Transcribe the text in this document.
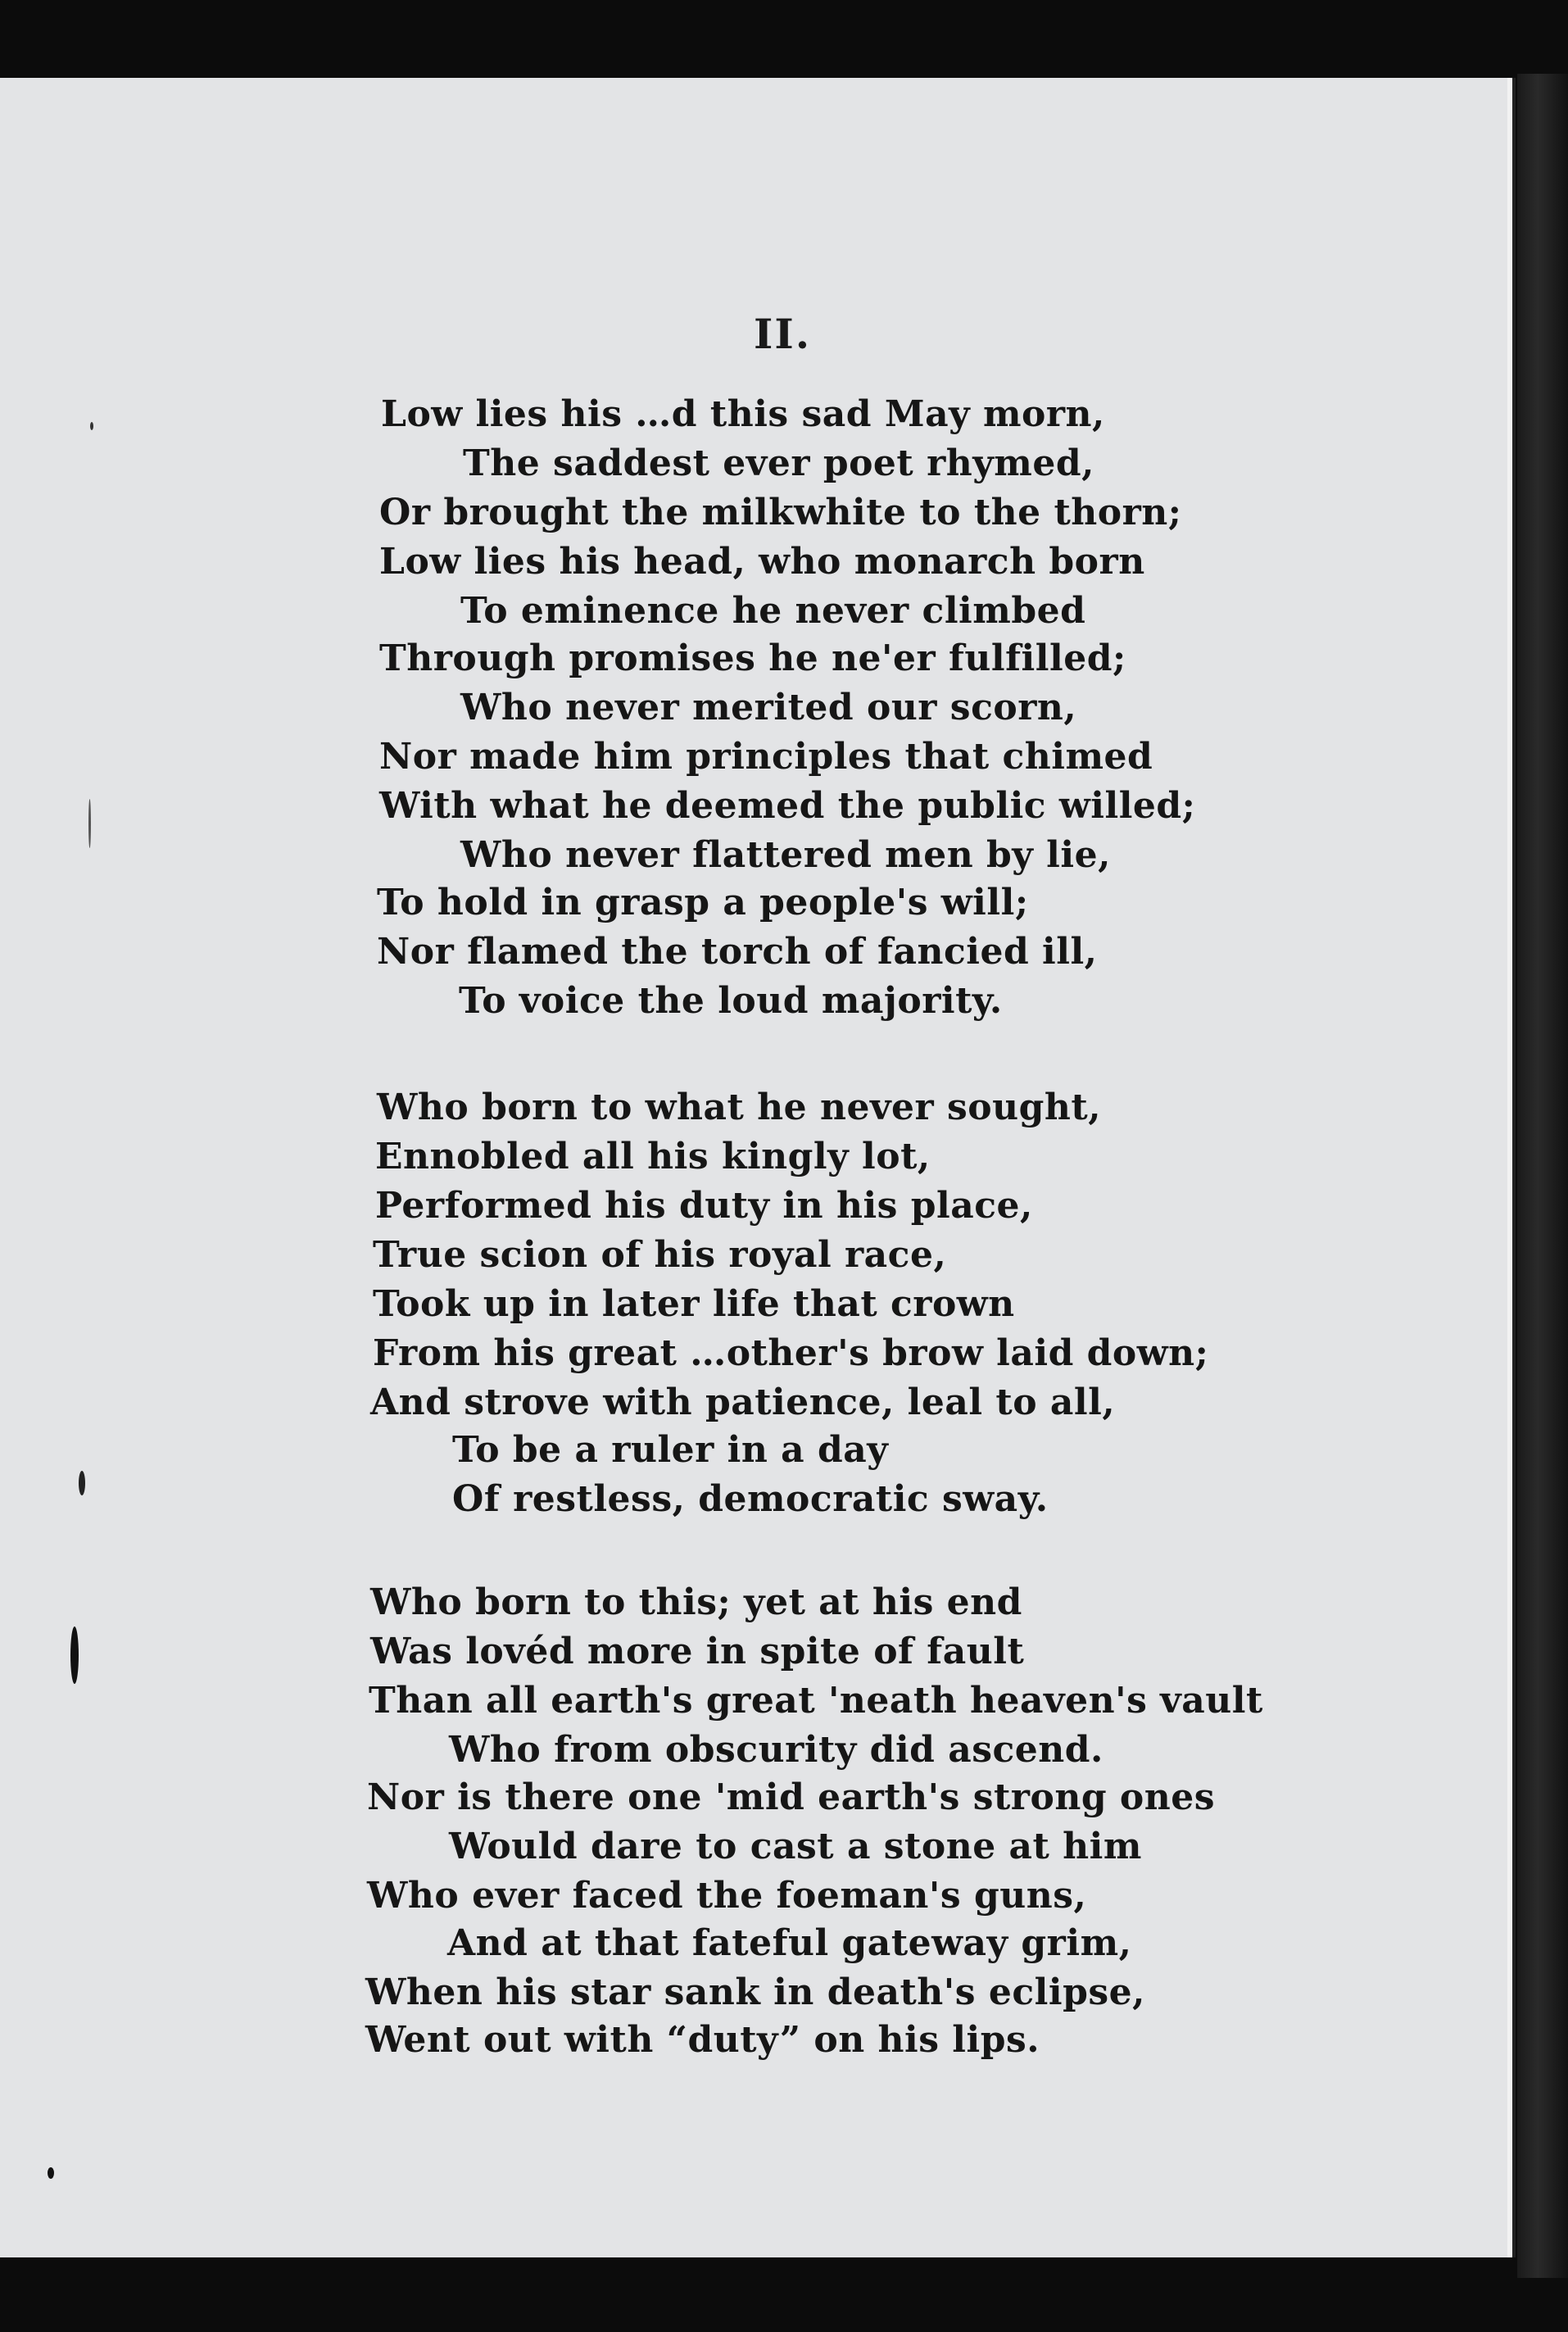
II.
Low lies his …d this sad May morn,
The saddest ever poet rhymed,
Or brought the milkwhite to the thorn;
Low lies his head, who monarch born
To eminence he never climbed
Through promises he ne'er fulfilled;
Who never merited our scorn,
Nor made him principles that chimed
With what he deemed the public willed;
Who never flattered men by lie,
To hold in grasp a people's will;
Nor flamed the torch of fancied ill,
To voice the loud majority.
Who born to what he never sought,
Ennobled all his kingly lot,
Performed his duty in his place,
True scion of his royal race,
Took up in later life that crown
From his great …other's brow laid down;
And strove with patience, leal to all,
To be a ruler in a day
Of restless, democratic sway.
Who born to this; yet at his end
Was lovéd more in spite of fault
Than all earth's great 'neath heaven's vault
Who from obscurity did ascend.
Nor is there one 'mid earth's strong ones
Would dare to cast a stone at him
Who ever faced the foeman's guns,
And at that fateful gateway grim,
When his star sank in death's eclipse,
Went out with “duty” on his lips.
